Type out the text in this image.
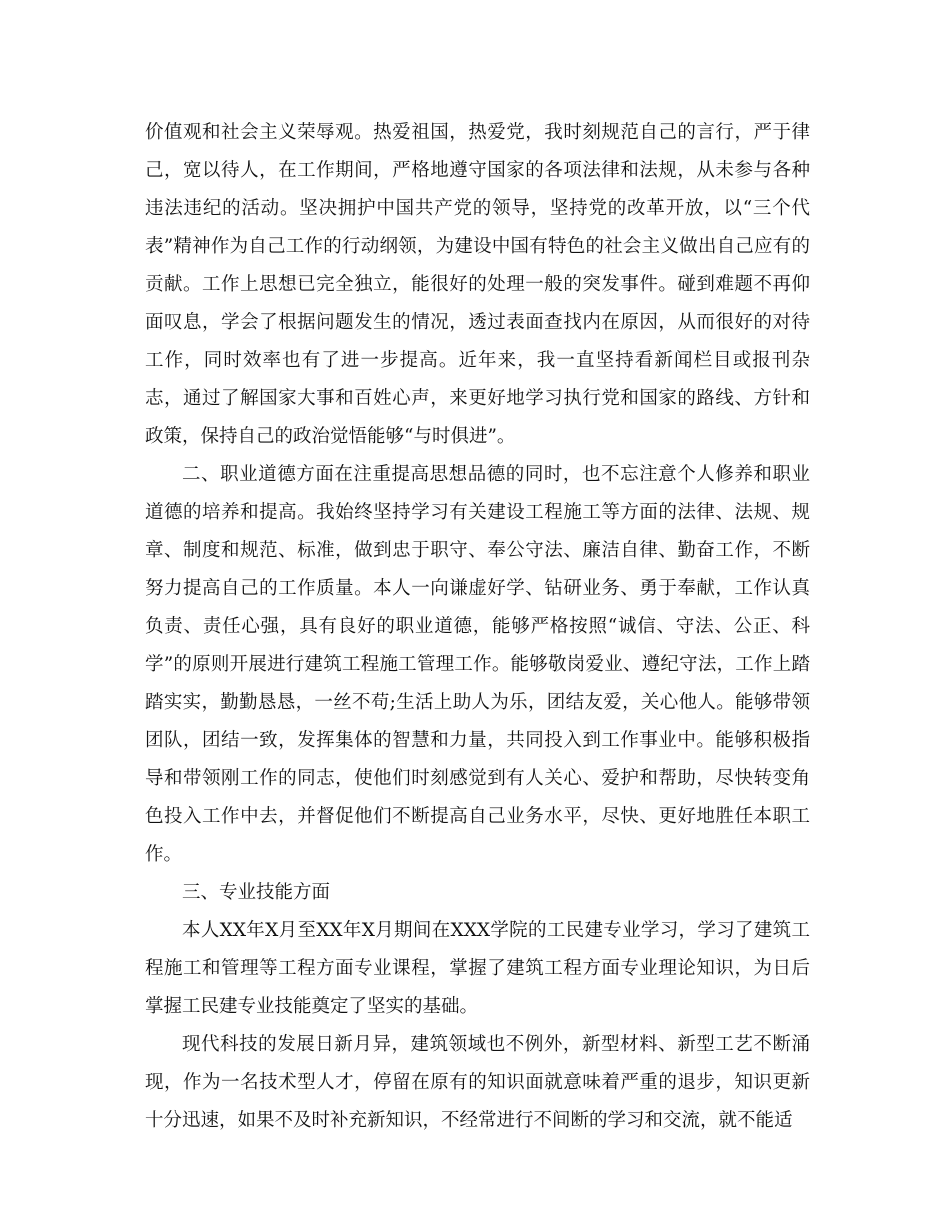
价值观和社会主义荣辱观。热爱祖国，热爱党，我时刻规范自己的言行，严于律己，宽以待人，在工作期间，严格地遵守国家的各项法律和法规，从未参与各种违法违纪的活动。坚决拥护中国共产党的领导，坚持党的改革开放，以“三个代表”精神作为自己工作的行动纲领，为建设中国有特色的社会主义做出自己应有的贡献。工作上思想已完全独立，能很好的处理一般的突发事件。碰到难题不再仰面叹息，学会了根据问题发生的情况，透过表面查找内在原因，从而很好的对待工作，同时效率也有了进一步提高。近年来，我一直坚持看新闻栏目或报刊杂志，通过了解国家大事和百姓心声，来更好地学习执行党和国家的路线、方针和政策，保持自己的政治觉悟能够“与时俱进”。

二、职业道德方面在注重提高思想品德的同时，也不忘注意个人修养和职业道德的培养和提高。我始终坚持学习有关建设工程施工等方面的法律、法规、规章、制度和规范、标准，做到忠于职守、奉公守法、廉洁自律、勤奋工作，不断努力提高自己的工作质量。本人一向谦虚好学、钻研业务、勇于奉献，工作认真负责、责任心强，具有良好的职业道德，能够严格按照“诚信、守法、公正、科学”的原则开展进行建筑工程施工管理工作。能够敬岗爱业、遵纪守法，工作上踏踏实实，勤勤恳恳，一丝不苟;生活上助人为乐，团结友爱，关心他人。能够带领团队，团结一致，发挥集体的智慧和力量，共同投入到工作事业中。能够积极指导和带领刚工作的同志，使他们时刻感觉到有人关心、爱护和帮助，尽快转变角色投入工作中去，并督促他们不断提高自己业务水平，尽快、更好地胜任本职工作。

三、专业技能方面

本人XX年X月至XX年X月期间在XXX学院的工民建专业学习，学习了建筑工程施工和管理等工程方面专业课程，掌握了建筑工程方面专业理论知识，为日后掌握工民建专业技能奠定了坚实的基础。

现代科技的发展日新月异，建筑领域也不例外，新型材料、新型工艺不断涌现，作为一名技术型人才，停留在原有的知识面就意味着严重的退步，知识更新十分迅速，如果不及时补充新知识，不经常进行不间断的学习和交流，就不能适
